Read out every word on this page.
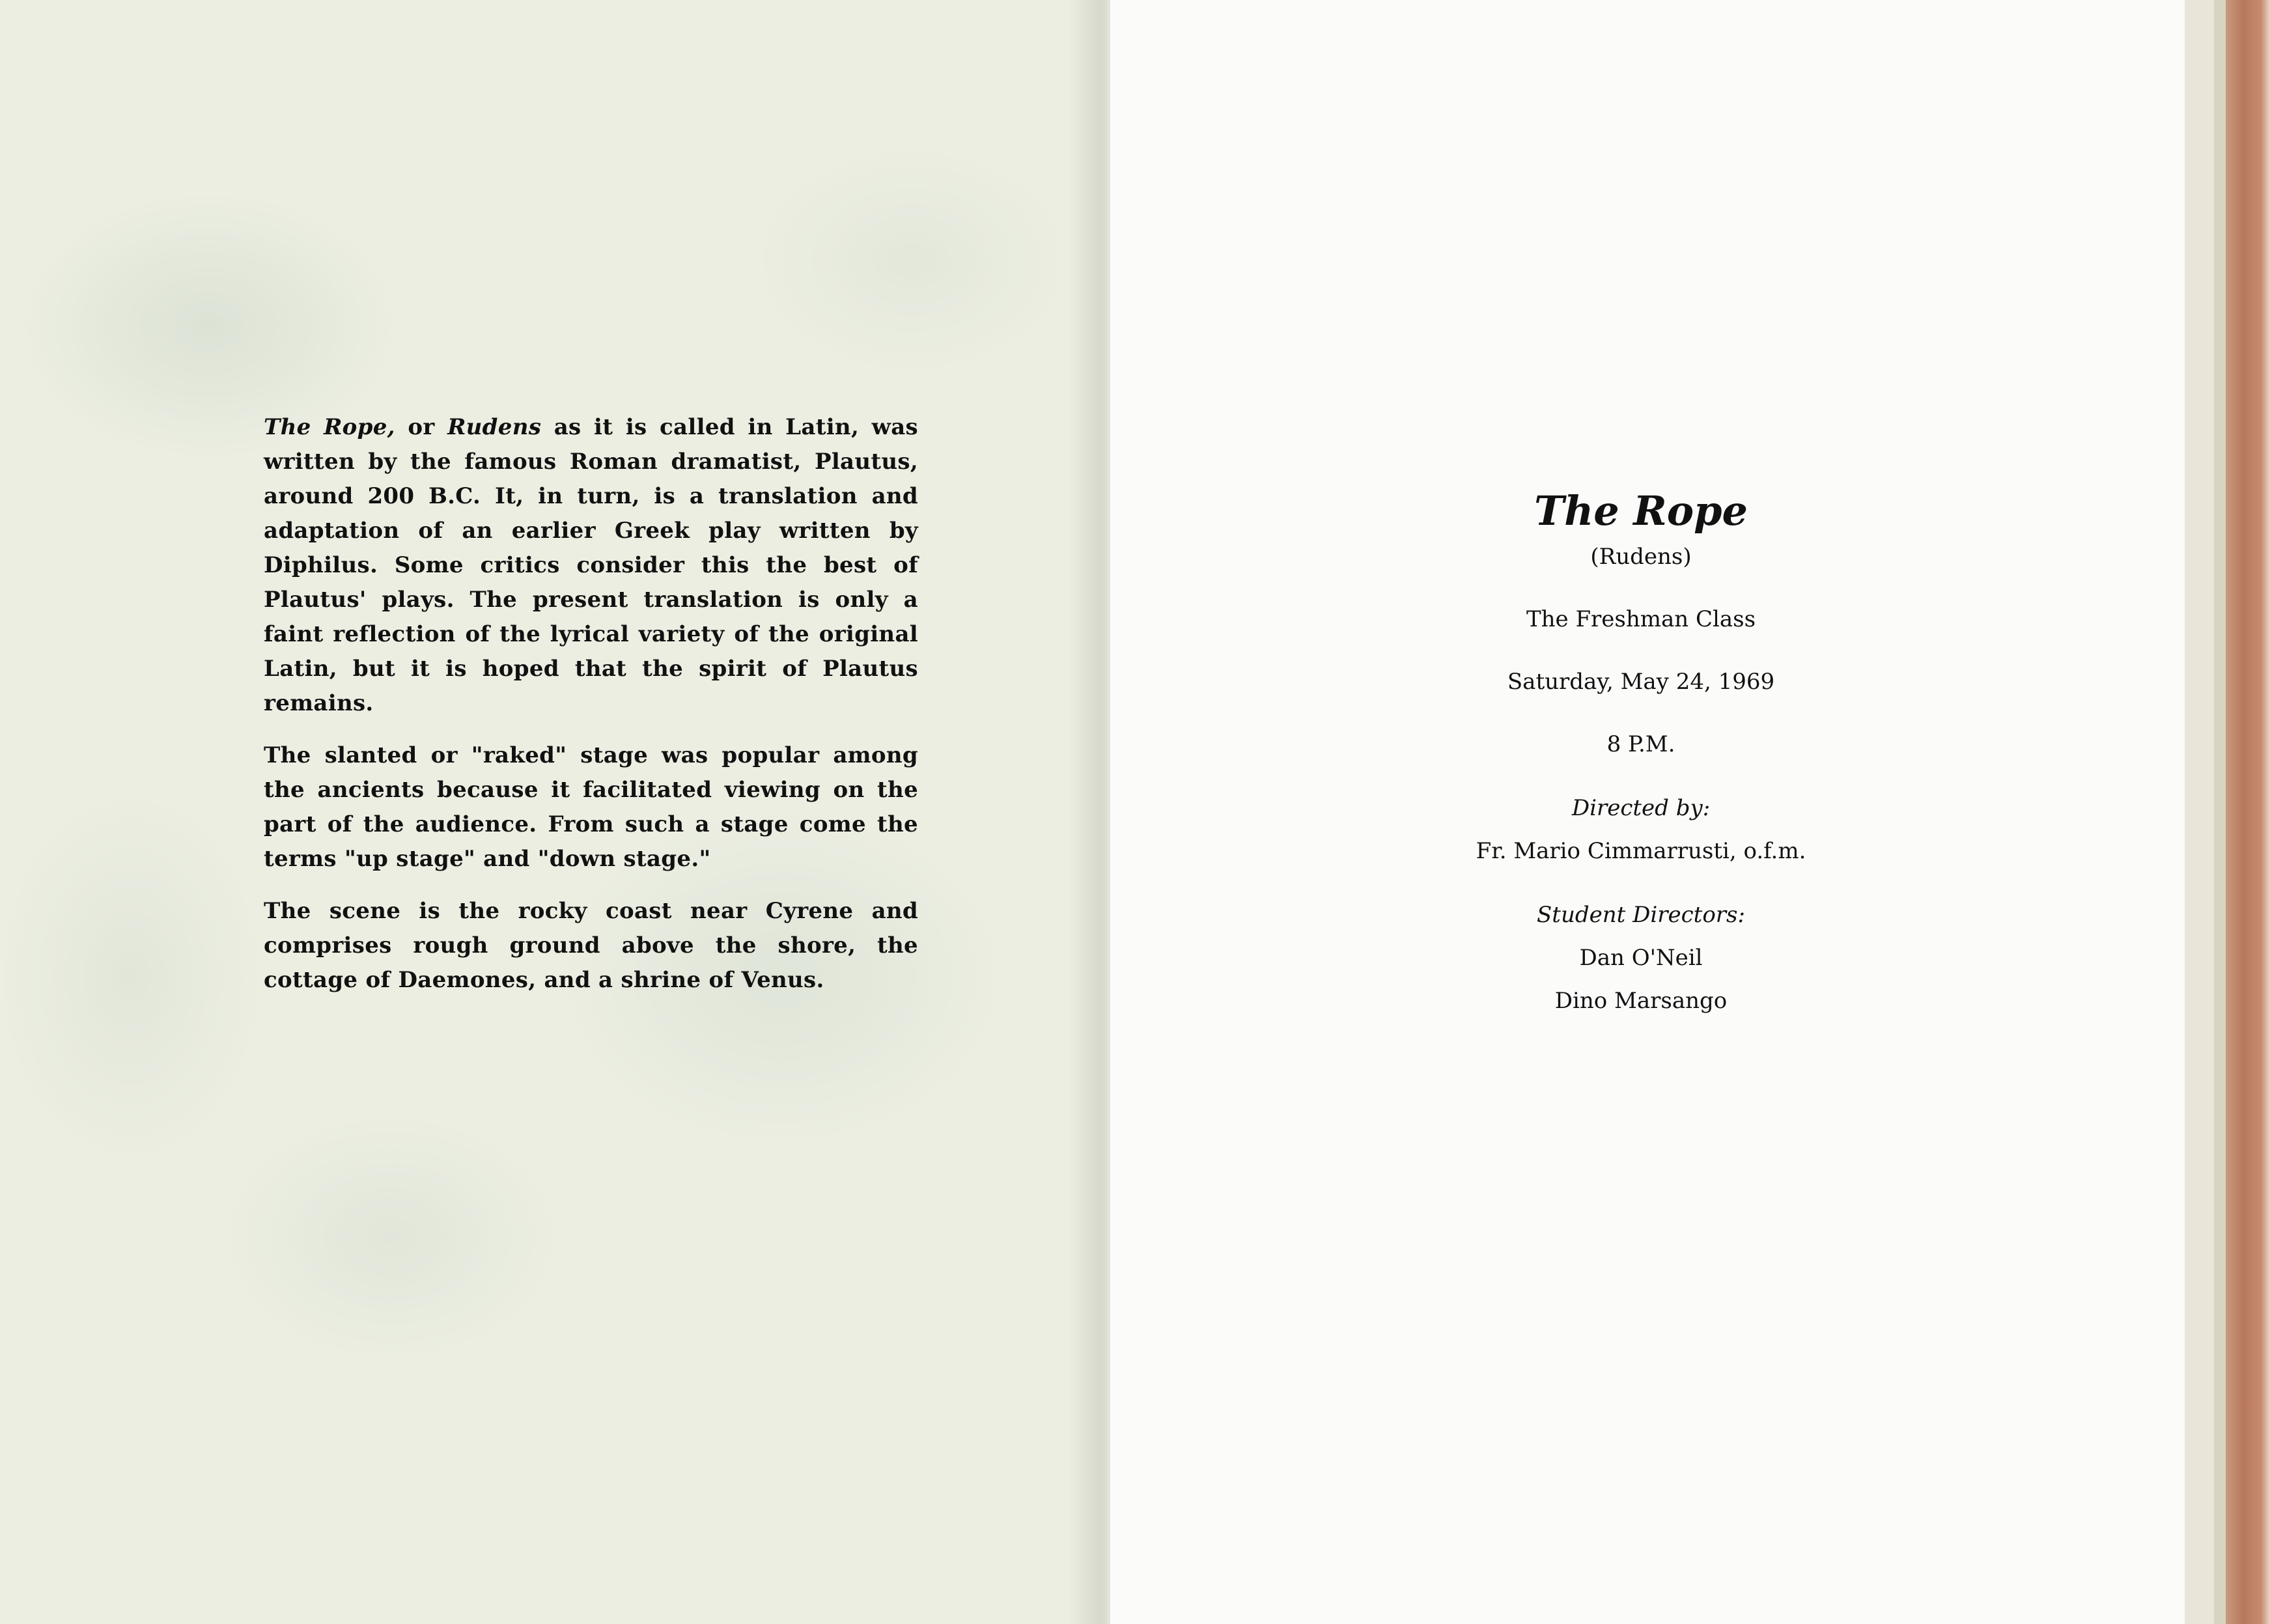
The Rope, or Rudens as it is called in Latin, was written by the famous Roman dramatist, Plautus, around 200 B.C. It, in turn, is a translation and adaptation of an earlier Greek play written by Diphilus. Some critics consider this the best of Plautus' plays. The present translation is only a faint reflection of the lyrical variety of the original Latin, but it is hoped that the spirit of Plautus remains.

The slanted or "raked" stage was popular among the ancients because it facilitated viewing on the part of the audience. From such a stage come the terms "up stage" and "down stage."

The scene is the rocky coast near Cyrene and comprises rough ground above the shore, the cottage of Daemones, and a shrine of Venus.

The Rope

(Rudens)

The Freshman Class

Saturday, May 24, 1969

8 P.M.

Directed by:

Fr. Mario Cimmarrusti, o.f.m.

Student Directors:

Dan O'Neil

Dino Marsango
